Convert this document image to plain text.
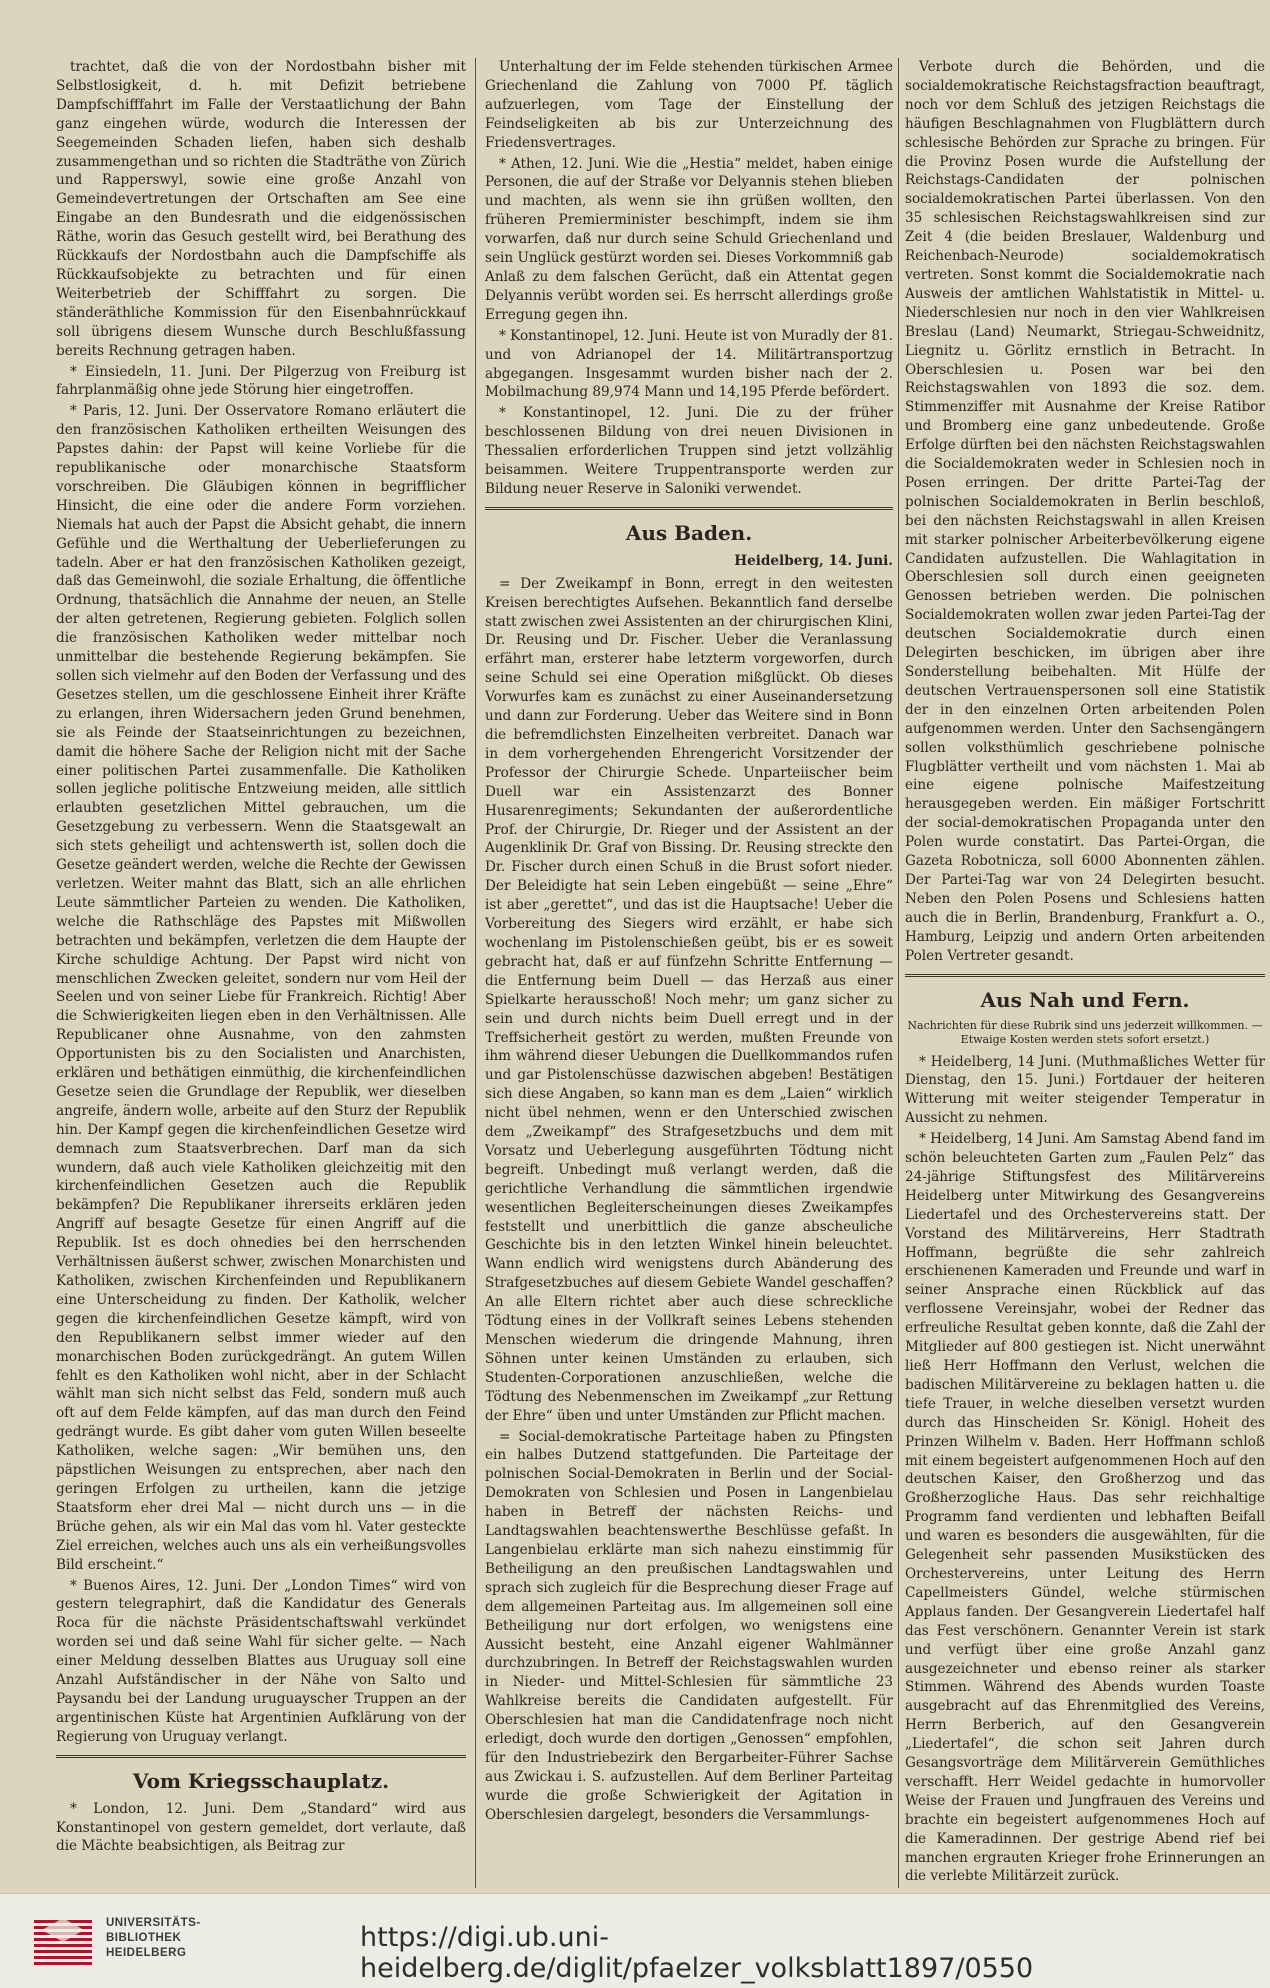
trachtet, daß die von der Nordostbahn bisher mit Selbstlosigkeit, d. h. mit Defizit betriebene Dampfschifffahrt im Falle der Verstaatlichung der Bahn ganz eingehen würde, wodurch die Interessen der Seegemeinden Schaden liefen, haben sich deshalb zusammengethan und so richten die Stadträthe von Zürich und Rapperswyl, sowie eine große Anzahl von Gemeindevertretungen der Ortschaften am See eine Eingabe an den Bundesrath und die eidgenössischen Räthe, worin das Gesuch gestellt wird, bei Berathung des Rückkaufs der Nordostbahn auch die Dampfschiffe als Rückkaufsobjekte zu betrachten und für einen Weiterbetrieb der Schifffahrt zu sorgen. Die ständeräthliche Kommission für den Eisenbahnrückkauf soll übrigens diesem Wunsche durch Beschlußfassung bereits Rechnung getragen haben.

* Einsiedeln, 11. Juni. Der Pilgerzug von Freiburg ist fahrplanmäßig ohne jede Störung hier eingetroffen.

* Paris, 12. Juni. Der Osservatore Romano erläutert die den französischen Katholiken ertheilten Weisungen des Papstes dahin: der Papst will keine Vorliebe für die republikanische oder monarchische Staatsform vorschreiben. Die Gläubigen können in begrifflicher Hinsicht, die eine oder die andere Form vorziehen. Niemals hat auch der Papst die Absicht gehabt, die innern Gefühle und die Werthaltung der Ueberlieferungen zu tadeln. Aber er hat den französischen Katholiken gezeigt, daß das Gemeinwohl, die soziale Erhaltung, die öffentliche Ordnung, thatsächlich die Annahme der neuen, an Stelle der alten getretenen, Regierung gebieten. Folglich sollen die französischen Katholiken weder mittelbar noch unmittelbar die bestehende Regierung bekämpfen. Sie sollen sich vielmehr auf den Boden der Verfassung und des Gesetzes stellen, um die geschlossene Einheit ihrer Kräfte zu erlangen, ihren Widersachern jeden Grund benehmen, sie als Feinde der Staatseinrichtungen zu bezeichnen, damit die höhere Sache der Religion nicht mit der Sache einer politischen Partei zusammenfalle. Die Katholiken sollen jegliche politische Entzweiung meiden, alle sittlich erlaubten gesetzlichen Mittel gebrauchen, um die Gesetzgebung zu verbessern. Wenn die Staatsgewalt an sich stets geheiligt und achtenswerth ist, sollen doch die Gesetze geändert werden, welche die Rechte der Gewissen verletzen. Weiter mahnt das Blatt, sich an alle ehrlichen Leute sämmtlicher Parteien zu wenden. Die Katholiken, welche die Rathschläge des Papstes mit Mißwollen betrachten und bekämpfen, verletzen die dem Haupte der Kirche schuldige Achtung. Der Papst wird nicht von menschlichen Zwecken geleitet, sondern nur vom Heil der Seelen und von seiner Liebe für Frankreich. Richtig! Aber die Schwierigkeiten liegen eben in den Verhältnissen. Alle Republicaner ohne Ausnahme, von den zahmsten Opportunisten bis zu den Socialisten und Anarchisten, erklären und bethätigen einmüthig, die kirchenfeindlichen Gesetze seien die Grundlage der Republik, wer dieselben angreife, ändern wolle, arbeite auf den Sturz der Republik hin. Der Kampf gegen die kirchenfeindlichen Gesetze wird demnach zum Staatsverbrechen. Darf man da sich wundern, daß auch viele Katholiken gleichzeitig mit den kirchenfeindlichen Gesetzen auch die Republik bekämpfen? Die Republikaner ihrerseits erklären jeden Angriff auf besagte Gesetze für einen Angriff auf die Republik. Ist es doch ohnedies bei den herrschenden Verhältnissen äußerst schwer, zwischen Monarchisten und Katholiken, zwischen Kirchenfeinden und Republikanern eine Unterscheidung zu finden. Der Katholik, welcher gegen die kirchenfeindlichen Gesetze kämpft, wird von den Republikanern selbst immer wieder auf den monarchischen Boden zurückgedrängt. An gutem Willen fehlt es den Katholiken wohl nicht, aber in der Schlacht wählt man sich nicht selbst das Feld, sondern muß auch oft auf dem Felde kämpfen, auf das man durch den Feind gedrängt wurde. Es gibt daher vom guten Willen beseelte Katholiken, welche sagen: „Wir bemühen uns, den päpstlichen Weisungen zu entsprechen, aber nach den geringen Erfolgen zu urtheilen, kann die jetzige Staatsform eher drei Mal — nicht durch uns — in die Brüche gehen, als wir ein Mal das vom hl. Vater gesteckte Ziel erreichen, welches auch uns als ein verheißungsvolles Bild erscheint.“

* Buenos Aires, 12. Juni. Der „London Times“ wird von gestern telegraphirt, daß die Kandidatur des Generals Roca für die nächste Präsidentschaftswahl verkündet worden sei und daß seine Wahl für sicher gelte. — Nach einer Meldung desselben Blattes aus Uruguay soll eine Anzahl Aufständischer in der Nähe von Salto und Paysandu bei der Landung uruguayscher Truppen an der argentinischen Küste hat Argentinien Aufklärung von der Regierung von Uruguay verlangt.

Vom Kriegsschauplatz.

* London, 12. Juni. Dem „Standard“ wird aus Konstantinopel von gestern gemeldet, dort verlaute, daß die Mächte beabsichtigen, als Beitrag zur

Unterhaltung der im Felde stehenden türkischen Armee Griechenland die Zahlung von 7000 Pf. täglich aufzuerlegen, vom Tage der Einstellung der Feindseligkeiten ab bis zur Unterzeichnung des Friedensvertrages.

* Athen, 12. Juni. Wie die „Hestia“ meldet, haben einige Personen, die auf der Straße vor Delyannis stehen blieben und machten, als wenn sie ihn grüßen wollten, den früheren Premierminister beschimpft, indem sie ihm vorwarfen, daß nur durch seine Schuld Griechenland und sein Unglück gestürzt worden sei. Dieses Vorkommniß gab Anlaß zu dem falschen Gerücht, daß ein Attentat gegen Delyannis verübt worden sei. Es herrscht allerdings große Erregung gegen ihn.

* Konstantinopel, 12. Juni. Heute ist von Muradly der 81. und von Adrianopel der 14. Militärtransportzug abgegangen. Insgesammt wurden bisher nach der 2. Mobilmachung 89,974 Mann und 14,195 Pferde befördert.

* Konstantinopel, 12. Juni. Die zu der früher beschlossenen Bildung von drei neuen Divisionen in Thessalien erforderlichen Truppen sind jetzt vollzählig beisammen. Weitere Truppentransporte werden zur Bildung neuer Reserve in Saloniki verwendet.

Aus Baden.
Heidelberg, 14. Juni.

= Der Zweikampf in Bonn, erregt in den weitesten Kreisen berechtigtes Aufsehen. Bekanntlich fand derselbe statt zwischen zwei Assistenten an der chirurgischen Klini, Dr. Reusing und Dr. Fischer. Ueber die Veranlassung erfährt man, ersterer habe letzterm vorgeworfen, durch seine Schuld sei eine Operation mißglückt. Ob dieses Vorwurfes kam es zunächst zu einer Auseinandersetzung und dann zur Forderung. Ueber das Weitere sind in Bonn die befremdlichsten Einzelheiten verbreitet. Danach war in dem vorhergehenden Ehrengericht Vorsitzender der Professor der Chirurgie Schede. Unparteiischer beim Duell war ein Assistenzarzt des Bonner Husarenregiments; Sekundanten der außerordentliche Prof. der Chirurgie, Dr. Rieger und der Assistent an der Augenklinik Dr. Graf von Bissing. Dr. Reusing streckte den Dr. Fischer durch einen Schuß in die Brust sofort nieder. Der Beleidigte hat sein Leben eingebüßt — seine „Ehre“ ist aber „gerettet“, und das ist die Hauptsache! Ueber die Vorbereitung des Siegers wird erzählt, er habe sich wochenlang im Pistolenschießen geübt, bis er es soweit gebracht hat, daß er auf fünfzehn Schritte Entfernung — die Entfernung beim Duell — das Herzaß aus einer Spielkarte herausschoß! Noch mehr; um ganz sicher zu sein und durch nichts beim Duell erregt und in der Treffsicherheit gestört zu werden, mußten Freunde von ihm während dieser Uebungen die Duellkommandos rufen und gar Pistolenschüsse dazwischen abgeben! Bestätigen sich diese Angaben, so kann man es dem „Laien“ wirklich nicht übel nehmen, wenn er den Unterschied zwischen dem „Zweikampf“ des Strafgesetzbuchs und dem mit Vorsatz und Ueberlegung ausgeführten Tödtung nicht begreift. Unbedingt muß verlangt werden, daß die gerichtliche Verhandlung die sämmtlichen irgendwie wesentlichen Begleiterscheinungen dieses Zweikampfes feststellt und unerbittlich die ganze abscheuliche Geschichte bis in den letzten Winkel hinein beleuchtet. Wann endlich wird wenigstens durch Abänderung des Strafgesetzbuches auf diesem Gebiete Wandel geschaffen? An alle Eltern richtet aber auch diese schreckliche Tödtung eines in der Vollkraft seines Lebens stehenden Menschen wiederum die dringende Mahnung, ihren Söhnen unter keinen Umständen zu erlauben, sich Studenten-Corporationen anzuschließen, welche die Tödtung des Nebenmenschen im Zweikampf „zur Rettung der Ehre“ üben und unter Umständen zur Pflicht machen.

= Social-demokratische Parteitage haben zu Pfingsten ein halbes Dutzend stattgefunden. Die Parteitage der polnischen Social-Demokraten in Berlin und der Social-Demokraten von Schlesien und Posen in Langenbielau haben in Betreff der nächsten Reichs- und Landtagswahlen beachtenswerthe Beschlüsse gefaßt. In Langenbielau erklärte man sich nahezu einstimmig für Betheiligung an den preußischen Landtagswahlen und sprach sich zugleich für die Besprechung dieser Frage auf dem allgemeinen Parteitag aus. Im allgemeinen soll eine Betheiligung nur dort erfolgen, wo wenigstens eine Aussicht besteht, eine Anzahl eigener Wahlmänner durchzubringen. In Betreff der Reichstagswahlen wurden in Nieder- und Mittel-Schlesien für sämmtliche 23 Wahlkreise bereits die Candidaten aufgestellt. Für Oberschlesien hat man die Candidatenfrage noch nicht erledigt, doch wurde den dortigen „Genossen“ empfohlen, für den Industriebezirk den Bergarbeiter-Führer Sachse aus Zwickau i. S. aufzustellen. Auf dem Berliner Parteitag wurde die große Schwierigkeit der Agitation in Oberschlesien dargelegt, besonders die Versammlungs-

Verbote durch die Behörden, und die socialdemokratische Reichstagsfraction beauftragt, noch vor dem Schluß des jetzigen Reichstags die häufigen Beschlagnahmen von Flugblättern durch schlesische Behörden zur Sprache zu bringen. Für die Provinz Posen wurde die Aufstellung der Reichstags-Candidaten der polnischen socialdemokratischen Partei überlassen. Von den 35 schlesischen Reichstagswahlkreisen sind zur Zeit 4 (die beiden Breslauer, Waldenburg und Reichenbach-Neurode) socialdemokratisch vertreten. Sonst kommt die Socialdemokratie nach Ausweis der amtlichen Wahlstatistik in Mittel- u. Niederschlesien nur noch in den vier Wahlkreisen Breslau (Land) Neumarkt, Striegau-Schweidnitz, Liegnitz u. Görlitz ernstlich in Betracht. In Oberschlesien u. Posen war bei den Reichstagswahlen von 1893 die soz. dem. Stimmenziffer mit Ausnahme der Kreise Ratibor und Bromberg eine ganz unbedeutende. Große Erfolge dürften bei den nächsten Reichstagswahlen die Socialdemokraten weder in Schlesien noch in Posen erringen. Der dritte Partei-Tag der polnischen Socialdemokraten in Berlin beschloß, bei den nächsten Reichstagswahl in allen Kreisen mit starker polnischer Arbeiterbevölkerung eigene Candidaten aufzustellen. Die Wahlagitation in Oberschlesien soll durch einen geeigneten Genossen betrieben werden. Die polnischen Socialdemokraten wollen zwar jeden Partei-Tag der deutschen Socialdemokratie durch einen Delegirten beschicken, im übrigen aber ihre Sonderstellung beibehalten. Mit Hülfe der deutschen Vertrauenspersonen soll eine Statistik der in den einzelnen Orten arbeitenden Polen aufgenommen werden. Unter den Sachsengängern sollen volksthümlich geschriebene polnische Flugblätter vertheilt und vom nächsten 1. Mai ab eine eigene polnische Maifestzeitung herausgegeben werden. Ein mäßiger Fortschritt der social-demokratischen Propaganda unter den Polen wurde constatirt. Das Partei-Organ, die Gazeta Robotnicza, soll 6000 Abonnenten zählen. Der Partei-Tag war von 24 Delegirten besucht. Neben den Polen Posens und Schlesiens hatten auch die in Berlin, Brandenburg, Frankfurt a. O., Hamburg, Leipzig und andern Orten arbeitenden Polen Vertreter gesandt.

Aus Nah und Fern.
Nachrichten für diese Rubrik sind uns jederzeit willkommen. — Etwaige Kosten werden stets sofort ersetzt.)

* Heidelberg, 14 Juni. (Muthmaßliches Wetter für Dienstag, den 15. Juni.) Fortdauer der heiteren Witterung mit weiter steigender Temperatur in Aussicht zu nehmen.

* Heidelberg, 14 Juni. Am Samstag Abend fand im schön beleuchteten Garten zum „Faulen Pelz“ das 24-jährige Stiftungsfest des Militärvereins Heidelberg unter Mitwirkung des Gesangvereins Liedertafel und des Orchestervereins statt. Der Vorstand des Militärvereins, Herr Stadtrath Hoffmann, begrüßte die sehr zahlreich erschienenen Kameraden und Freunde und warf in seiner Ansprache einen Rückblick auf das verflossene Vereinsjahr, wobei der Redner das erfreuliche Resultat geben konnte, daß die Zahl der Mitglieder auf 800 gestiegen ist. Nicht unerwähnt ließ Herr Hoffmann den Verlust, welchen die badischen Militärvereine zu beklagen hatten u. die tiefe Trauer, in welche dieselben versetzt wurden durch das Hinscheiden Sr. Königl. Hoheit des Prinzen Wilhelm v. Baden. Herr Hoffmann schloß mit einem begeistert aufgenommenen Hoch auf den deutschen Kaiser, den Großherzog und das Großherzogliche Haus. Das sehr reichhaltige Programm fand verdienten und lebhaften Beifall und waren es besonders die ausgewählten, für die Gelegenheit sehr passenden Musikstücken des Orchestervereins, unter Leitung des Herrn Capellmeisters Gündel, welche stürmischen Applaus fanden. Der Gesangverein Liedertafel half das Fest verschönern. Genannter Verein ist stark und verfügt über eine große Anzahl ganz ausgezeichneter und ebenso reiner als starker Stimmen. Während des Abends wurden Toaste ausgebracht auf das Ehrenmitglied des Vereins, Herrn Berberich, auf den Gesangverein „Liedertafel“, die schon seit Jahren durch Gesangsvorträge dem Militärverein Gemüthliches verschafft. Herr Weidel gedachte in humorvoller Weise der Frauen und Jungfrauen des Vereins und brachte ein begeistert aufgenommenes Hoch auf die Kameradinnen. Der gestrige Abend rief bei manchen ergrauten Krieger frohe Erinnerungen an die verlebte Militärzeit zurück.

UNIVERSITÄTS-
BIBLIOTHEK
HEIDELBERG	https://digi.ub.uni-heidelberg.de/diglit/pfaelzer_volksblatt1897/0550
